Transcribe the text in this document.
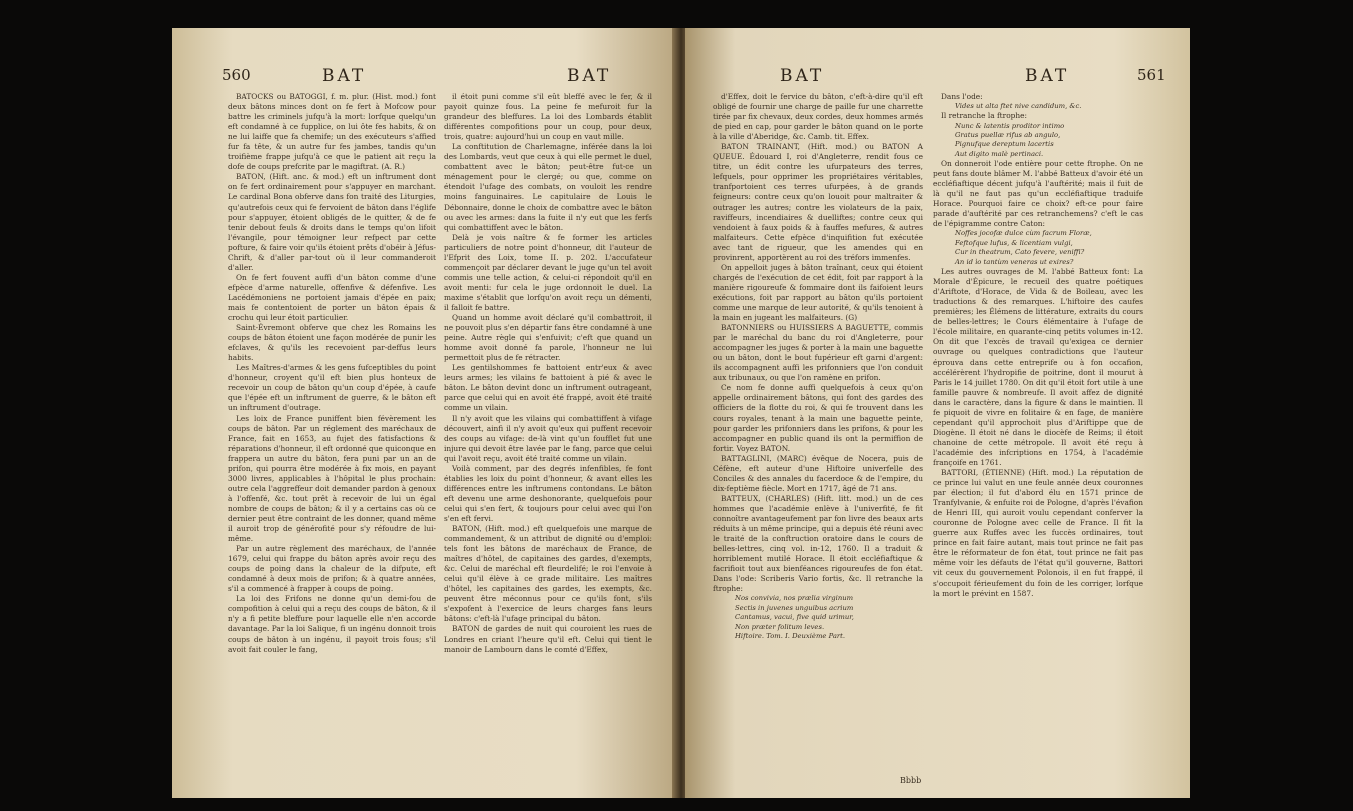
560	BAT	BAT

BATOCKS ou BATOGGI, f. m. plur. (Hist. mod.) font deux bâtons minces dont on fe fert à Mofcow pour battre les criminels jufqu'à la mort: lorfque quelqu'un eft condamné à ce fupplice, on lui ôte fes habits, & on ne lui laiffe que fa chemife; un des exécuteurs s'affied fur fa tête, & un autre fur fes jambes, tandis qu'un troifième frappe jufqu'à ce que le patient ait reçu la dofe de coups prefcrite par le magiftrat. (A. R.)

BATON, (Hift. anc. & mod.) eft un inftrument dont on fe fert ordinairement pour s'appuyer en marchant. Le cardinal Bona obferve dans fon traité des Liturgies, qu'autrefois ceux qui fe fervoient de bâton dans l'églife pour s'appuyer, étoient obligés de le quitter, & de fe tenir debout feuls & droits dans le temps qu'on lifoit l'évangile, pour témoigner leur refpect par cette pofture, & faire voir qu'ils étoient prêts d'obéir à Jéfus-Chrift, & d'aller par-tout où il leur commanderoit d'aller.

On fe fert fouvent auffi d'un bâton comme d'une efpèce d'arme naturelle, offenfive & défenfive. Les Lacédémoniens ne portoient jamais d'épée en paix; mais fe contentoient de porter un bâton épais & crochu qui leur étoit particulier.

Saint-Évremont obferve que chez les Romains les coups de bâton étoient une façon modérée de punir les efclaves, & qu'ils les recevoient par-deffus leurs habits.

Les Maîtres-d'armes & les gens fufceptibles du point d'honneur, croyent qu'il eft bien plus honteux de recevoir un coup de bâton qu'un coup d'épée, à caufe que l'épée eft un inftrument de guerre, & le bâton eft un inftrument d'outrage.

Les loix de France puniffent bien févèrement les coups de bâton. Par un réglement des maréchaux de France, fait en 1653, au fujet des fatisfactions & réparations d'honneur, il eft ordonné que quiconque en frappera un autre du bâton, fera puni par un an de prifon, qui pourra être modérée à fix mois, en payant 3000 livres, applicables à l'hôpital le plus prochain: outre cela l'aggreffeur doit demander pardon à genoux à l'offenfé, &c. tout prêt à recevoir de lui un égal nombre de coups de bâton; & il y a certains cas où ce dernier peut être contraint de les donner, quand même il auroit trop de générofité pour s'y réfoudre de lui-même.

Par un autre règlement des maréchaux, de l'année 1679, celui qui frappe du bâton après avoir reçu des coups de poing dans la chaleur de la difpute, eft condamné à deux mois de prifon; & à quatre années, s'il a commencé à frapper à coups de poing.

La loi des Frifons ne donne qu'un demi-fou de compofition à celui qui a reçu des coups de bâton, & il n'y a fi petite bleffure pour laquelle elle n'en accorde davantage. Par la loi Salique, fi un ingénu donnoit trois coups de bâton à un ingénu, il payoit trois fous; s'il avoit fait couler le fang,

il étoit puni comme s'il eût bleffé avec le fer, & il payoit quinze fous. La peine fe mefuroit fur la grandeur des bleffures. La loi des Lombards établit différentes compofitions pour un coup, pour deux, trois, quatre: aujourd'hui un coup en vaut mille.

La conftitution de Charlemagne, inférée dans la loi des Lombards, veut que ceux à qui elle permet le duel, combattent avec le bâton; peut-être fut-ce un ménagement pour le clergé; ou que, comme on étendoit l'ufage des combats, on vouloit les rendre moins fanguinaires. Le capitulaire de Louis le Débonnaire, donne le choix de combattre avec le bâton ou avec les armes: dans la fuite il n'y eut que les ferfs qui combattiffent avec le bâton.

Delà je vois naître & fe former les articles particuliers de notre point d'honneur, dit l'auteur de l'Efprit des Loix, tome II. p. 202. L'accufateur commençoit par déclarer devant le juge qu'un tel avoit commis une telle action, & celui-ci répondoit qu'il en avoit menti: fur cela le juge ordonnoit le duel. La maxime s'établit que lorfqu'on avoit reçu un démenti, il falloit fe battre.

Quand un homme avoit déclaré qu'il combattroit, il ne pouvoit plus s'en départir fans être condamné à une peine. Autre règle qui s'enfuivit; c'eft que quand un homme avoit donné fa parole, l'honneur ne lui permettoit plus de fe rétracter.

Les gentilshommes fe battoient entr'eux & avec leurs armes; les vilains fe battoient à pié & avec le bâton. Le bâton devint donc un inftrument outrageant, parce que celui qui en avoit été frappé, avoit été traité comme un vilain.

Il n'y avoit que les vilains qui combattiffent à vifage découvert, ainfi il n'y avoit qu'eux qui puffent recevoir des coups au vifage: de-là vint qu'un foufflet fut une injure qui devoit être lavée par le fang, parce que celui qui l'avoit reçu, avoit été traité comme un vilain.

Voilà comment, par des degrés infenfibles, fe font établies les loix du point d'honneur, & avant elles les différences entre les inftrumens contondans. Le bâton eft devenu une arme deshonorante, quelquefois pour celui qui s'en fert, & toujours pour celui avec qui l'on s'en eft fervi.

BATON, (Hift. mod.) eft quelquefois une marque de commandement, & un attribut de dignité ou d'emploi: tels font les bâtons de maréchaux de France, de maîtres d'hôtel, de capitaines des gardes, d'exempts, &c. Celui de maréchal eft fleurdelifé; le roi l'envoie à celui qu'il élève à ce grade militaire. Les maîtres d'hôtel, les capitaines des gardes, les exempts, &c. peuvent être méconnus pour ce qu'ils font, s'ils s'expofent à l'exercice de leurs charges fans leurs bâtons: c'eft-là l'ufage principal du bâton.

BATON de gardes de nuit qui couroient les rues de Londres en criant l'heure qu'il eft. Celui qui tient le manoir de Lambourn dans le comté d'Effex,

BAT	BAT	561

d'Effex, doit le fervice du bâton, c'eft-à-dire qu'il eft obligé de fournir une charge de paille fur une charrette tirée par fix chevaux, deux cordes, deux hommes armés de pied en cap, pour garder le bâton quand on le porte à la ville d'Aberidge, &c. Camb. tit. Effex.

BATON TRAINANT, (Hift. mod.) ou BATON A QUEUE. Édouard I, roi d'Angleterre, rendit fous ce titre, un édit contre les ufurpateurs des terres, lefquels, pour opprimer les propriétaires véritables, tranfportoient ces terres ufurpées, à de grands feigneurs: contre ceux qu'on louoit pour maltraiter & outrager les autres; contre les violateurs de la paix, raviffeurs, incendiaires & duelliftes; contre ceux qui vendoient à faux poids & à fauffes mefures, & autres malfaiteurs. Cette efpèce d'inquifition fut exécutée avec tant de rigueur, que les amendes qui en provinrent, apportèrent au roi des tréfors immenfes.

On appelloit juges à bâton traînant, ceux qui étoient chargés de l'exécution de cet édit, foit par rapport à la manière rigoureufe & fommaire dont ils faifoient leurs exécutions, foit par rapport au bâton qu'ils portoient comme une marque de leur autorité, & qu'ils tenoient à la main en jugeant les malfaiteurs. (G)

BATONNIERS ou HUISSIERS A BAGUETTE, commis par le maréchal du banc du roi d'Angleterre, pour accompagner les juges & porter à la main une baguette ou un bâton, dont le bout fupérieur eft garni d'argent: ils accompagnent auffi les prifonniers que l'on conduit aux tribunaux, ou que l'on ramène en prifon.

Ce nom fe donne auffi quelquefois à ceux qu'on appelle ordinairement bâtons, qui font des gardes des officiers de la flotte du roi, & qui fe trouvent dans les cours royales, tenant à la main une baguette peinte, pour garder les prifonniers dans les prifons, & pour les accompagner en public quand ils ont la permiffion de fortir. Voyez BATON.

BATTAGLINI, (MARC) évêque de Nocera, puis de Céfène, eft auteur d'une Hiftoire univerfelle des Conciles & des annales du facerdoce & de l'empire, du dix-feptième fiècle. Mort en 1717, âgé de 71 ans.

BATTEUX, (CHARLES) (Hift. litt. mod.) un de ces hommes que l'académie enlève à l'univerfité, fe fit connoître avantageufement par fon livre des beaux arts réduits à un même principe, qui a depuis été réuni avec le traité de la conftruction oratoire dans le cours de belles-lettres, cinq vol. in-12, 1760. Il a traduit & horriblement mutilé Horace. Il étoit eccléfiaftique & facrifioit tout aux bienféances rigoureufes de fon état. Dans l'ode: Scriberis Vario fortis, &c. Il retranche la ftrophe:

Nos convivia, nos prælia virginum

Sectis in juvenes unguibus acrium

Cantamus, vacui, five quid urimur,

Non præter folitum leves.

Hiftoire. Tom. I. Deuxième Part.

Dans l'ode:

Vides ut alta ftet nive candidum, &c.

Il retranche la ftrophe:

Nunc & latentis proditor intimo

Gratus puellæ rifus ab angulo,

Pignufque dereptum lacertis

Aut digito malè pertinaci.

On donneroit l'ode entière pour cette ftrophe. On ne peut fans doute blâmer M. l'abbé Batteux d'avoir été un eccléfiaftique décent jufqu'à l'auftérité; mais il fuit de là qu'il ne faut pas qu'un eccléfiaftique traduife Horace. Pourquoi faire ce choix? eft-ce pour faire parade d'auftérité par ces retranchemens? c'eft le cas de l'épigramme contre Caton:

Noffes jocofæ dulce cùm facrum Floræ,

Feftofque lufus, & licentiam vulgi,

Cur in theatrum, Cato fevere, veniffi?

An id ìo tantùm veneras ut exires?

Les autres ouvrages de M. l'abbé Batteux font: La Morale d'Épicure, le recueil des quatre poétiques d'Ariftote, d'Horace, de Vida & de Boileau, avec les traductions & des remarques. L'hiftoire des caufes premières; les Élémens de littérature, extraits du cours de belles-lettres; le Cours élémentaire à l'ufage de l'école militaire, en quarante-cinq petits volumes in-12. On dit que l'excès de travail qu'exigea ce dernier ouvrage ou quelques contradictions que l'auteur éprouva dans cette entreprife ou à fon occafion, accélérèrent l'hydropifie de poitrine, dont il mourut à Paris le 14 juillet 1780. On dit qu'il étoit fort utile à une famille pauvre & nombreufe. Il avoit affez de dignité dans le caractère, dans la figure & dans le maintien. Il fe piquoit de vivre en folitaire & en fage, de manière cependant qu'il approchoit plus d'Ariftippe que de Diogène. Il étoit né dans le diocèfe de Reims; il étoit chanoine de cette métropole. Il avoit été reçu à l'académie des infcriptions en 1754, à l'académie françoife en 1761.

BATTORI, (ÉTIENNE) (Hift. mod.) La réputation de ce prince lui valut en une feule année deux couronnes par élection; il fut d'abord élu en 1571 prince de Tranfylvanie, & enfuite roi de Pologne, d'après l'évafion de Henri III, qui auroit voulu cependant conferver la couronne de Pologne avec celle de France. Il fit la guerre aux Ruffes avec les fuccès ordinaires, tout prince en fait faire autant, mais tout prince ne fait pas être le réformateur de fon état, tout prince ne fait pas même voir les défauts de l'état qu'il gouverne, Battori vit ceux du gouvernement Polonois, il en fut frappé, il s'occupoit férieufement du foin de les corriger, lorfque la mort le prévint en 1587.

Bbbb
